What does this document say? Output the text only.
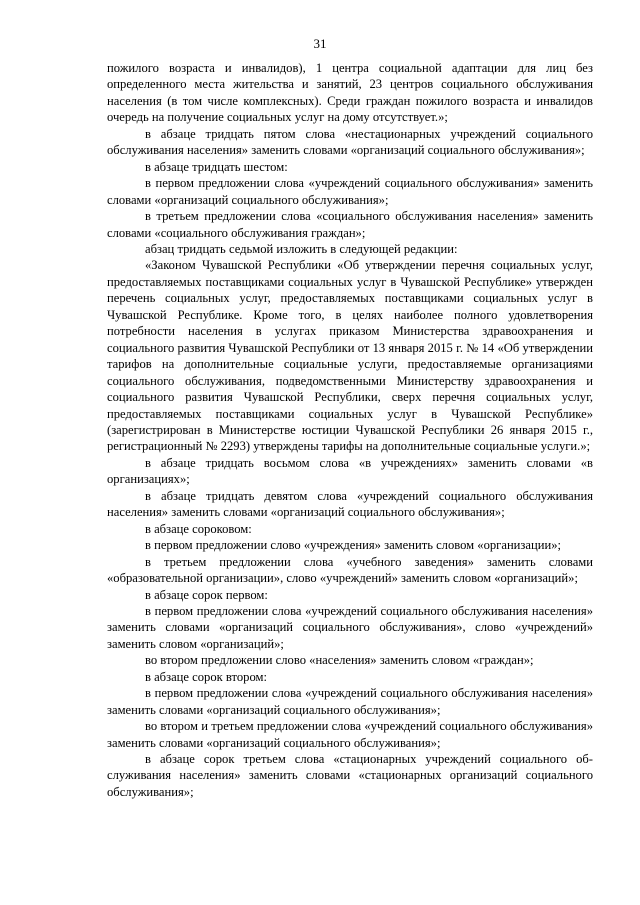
31

пожилого возраста и инвалидов), 1 центра социальной адаптации для лиц без определенного места жительства и занятий, 23 центров социального обслуживания населения (в том числе комплексных). Среди граждан пожилого возраста и инвалидов очередь на получение социальных услуг на дому отсутствует.»;

в абзаце тридцать пятом слова «нестационарных учреждений социального обслуживания населения» заменить словами «организаций социального обслуживания»;

в абзаце тридцать шестом:

в первом предложении слова «учреждений социального обслуживания» заменить словами «организаций социального обслуживания»;

в третьем предложении слова «социального обслуживания населения» заменить словами «социального обслуживания граждан»;

абзац тридцать седьмой изложить в следующей редакции:

«Законом Чувашской Республики «Об утверждении перечня социальных услуг, предоставляемых поставщиками социальных услуг в Чувашской Республике» утвержден перечень социальных услуг, предоставляемых поставщиками социальных услуг в Чувашской Республике. Кроме того, в целях наиболее полного удовлетворения потребности населения в услугах приказом Министерства здравоохранения и социального развития Чувашской Республики от 13 января 2015 г. № 14 «Об утверждении тарифов на дополнительные социальные услуги, предоставляемые организациями социального обслуживания, подведомственными Министерству здравоохранения и социального развития Чувашской Республики, сверх перечня социальных услуг, предоставляемых поставщиками социальных услуг в Чувашской Республике» (зарегистрирован в Министерстве юстиции Чувашской Республики 26 января 2015 г., регистрационный № 2293) утверждены тарифы на дополнительные социальные услуги.»;

в абзаце тридцать восьмом слова «в учреждениях» заменить словами «в организациях»;

в абзаце тридцать девятом слова «учреждений социального обслуживания населения» заменить словами «организаций социального обслуживания»;

в абзаце сороковом:

в первом предложении слово «учреждения» заменить словом «организации»;

в третьем предложении слова «учебного заведения» заменить словами «образовательной организации», слово «учреждений» заменить словом «организаций»;

в абзаце сорок первом:

в первом предложении слова «учреждений социального обслуживания населения» заменить словами «организаций социального обслуживания», слово «учреждений» заменить словом «организаций»;

во втором предложении слово «населения» заменить словом «граждан»;

в абзаце сорок втором:

в первом предложении слова «учреждений социального обслуживания населения» заменить словами «организаций социального обслуживания»;

во втором и третьем предложении слова «учреждений социального обслуживания» заменить словами «организаций социального обслуживания»;

в абзаце сорок третьем слова «стационарных учреждений социального обслуживания населения» заменить словами «стационарных организаций социального обслуживания»;
